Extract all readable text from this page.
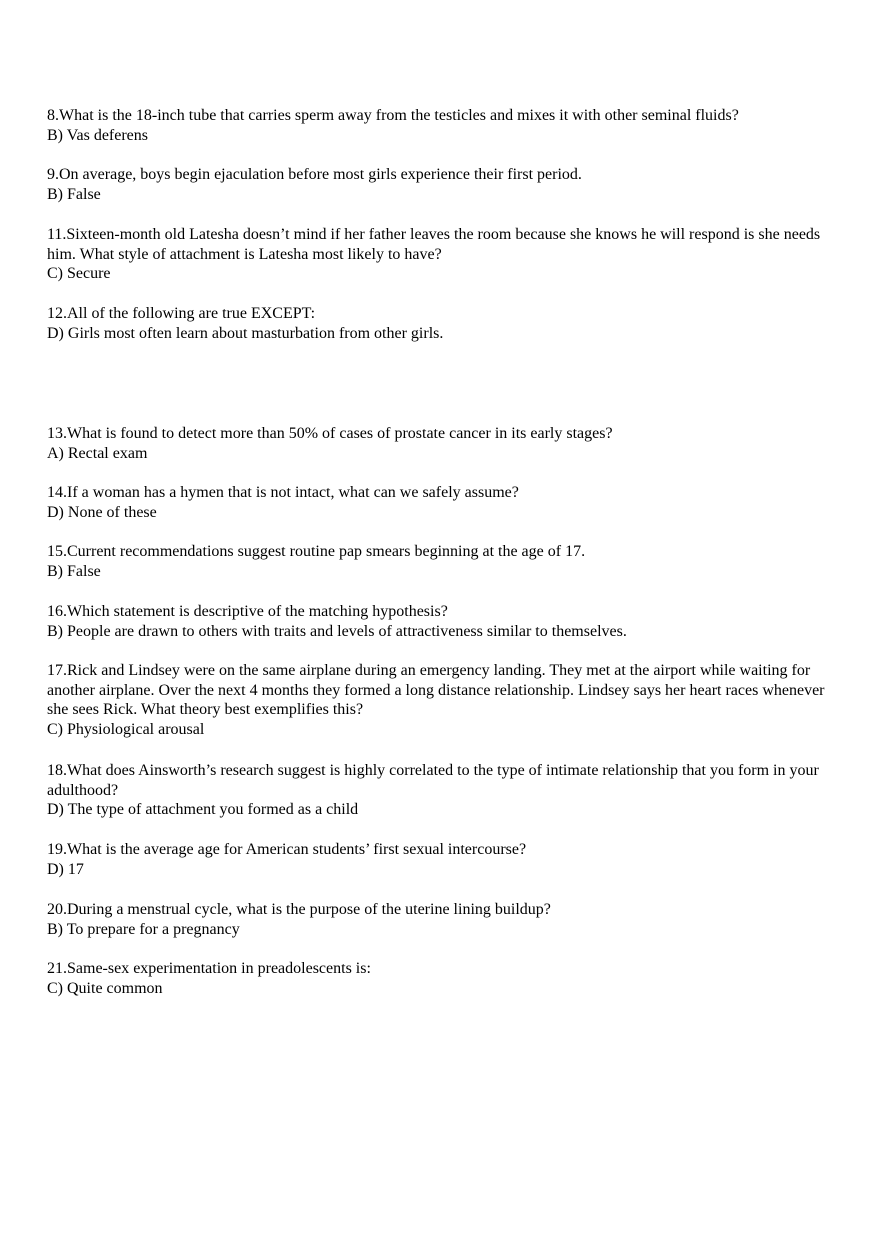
8.What is the 18-inch tube that carries sperm away from the testicles and mixes it with other seminal fluids?

B) Vas deferens

9.On average, boys begin ejaculation before most girls experience their first period.

B) False

11.Sixteen-month old Latesha doesn’t mind if her father leaves the room because she knows he will respond is she needs him. What style of attachment is Latesha most likely to have?

C) Secure

12.All of the following are true EXCEPT:

D) Girls most often learn about masturbation from other girls.

13.What is found to detect more than 50% of cases of prostate cancer in its early stages?

A) Rectal exam

14.If a woman has a hymen that is not intact, what can we safely assume?

D) None of these

15.Current recommendations suggest routine pap smears beginning at the age of 17.

B) False

16.Which statement is descriptive of the matching hypothesis?

B) People are drawn to others with traits and levels of attractiveness similar to themselves.

17.Rick and Lindsey were on the same airplane during an emergency landing. They met at the airport while waiting for another airplane. Over the next 4 months they formed a long distance relationship. Lindsey says her heart races whenever she sees Rick. What theory best exemplifies this?

C) Physiological arousal

18.What does Ainsworth’s research suggest is highly correlated to the type of intimate relationship that you form in your adulthood?

D) The type of attachment you formed as a child

19.What is the average age for American students’ first sexual intercourse?

D) 17

20.During a menstrual cycle, what is the purpose of the uterine lining buildup?

B) To prepare for a pregnancy

21.Same-sex experimentation in preadolescents is:

C) Quite common
